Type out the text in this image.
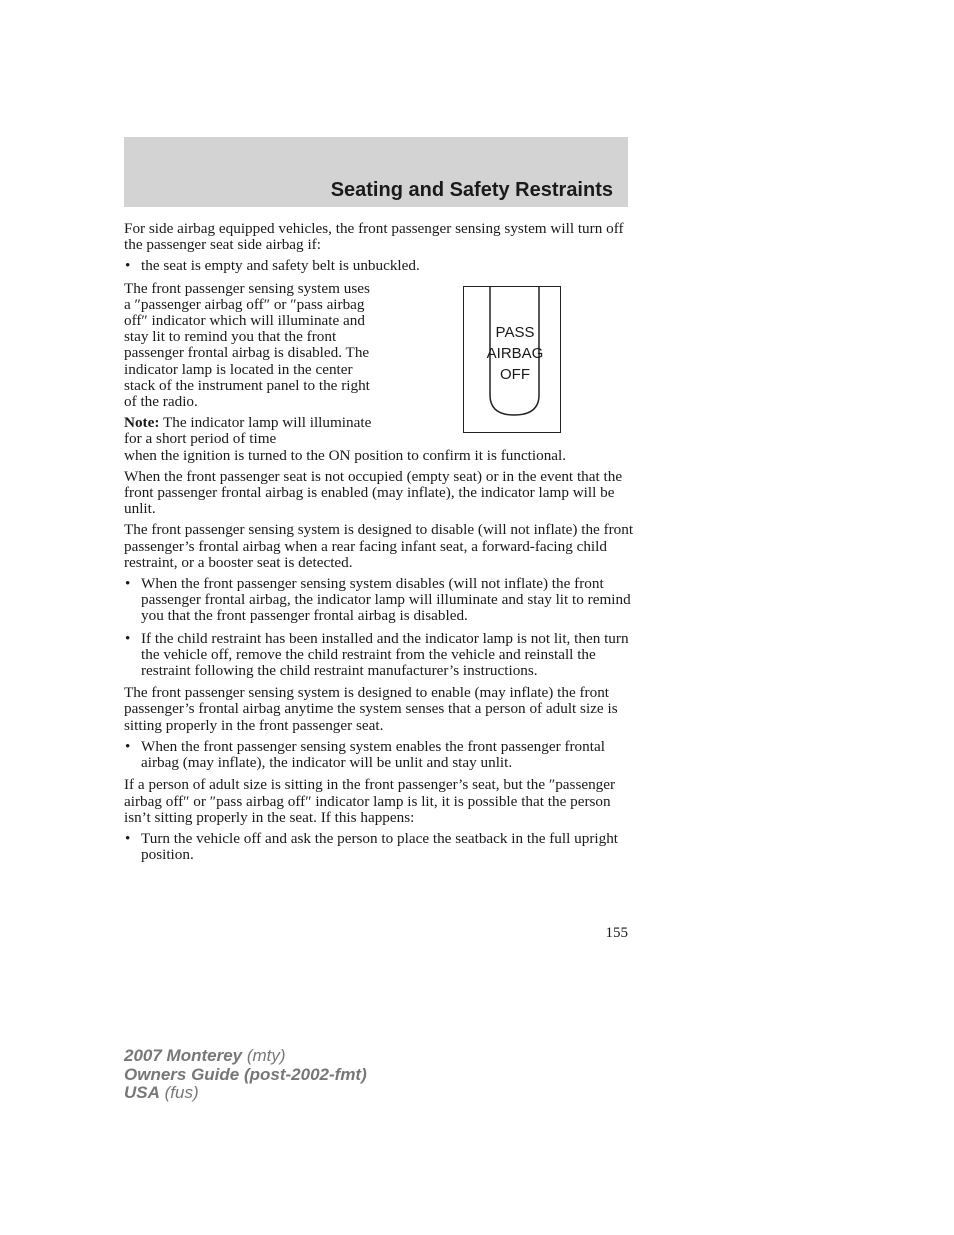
Seating and Safety Restraints

For side airbag equipped vehicles, the front passenger sensing system will turn off the passenger seat side airbag if:

• the seat is empty and safety belt is unbuckled.

The front passenger sensing system uses a ″passenger airbag off″ or ″pass airbag off″ indicator which will illuminate and stay lit to remind you that the front passenger frontal airbag is disabled. The indicator lamp is located in the center stack of the instrument panel to the right of the radio.

Note: The indicator lamp will illuminate for a short period of time

when the ignition is turned to the ON position to confirm it is functional.

When the front passenger seat is not occupied (empty seat) or in the event that the front passenger frontal airbag is enabled (may inflate), the indicator lamp will be unlit.

The front passenger sensing system is designed to disable (will not inflate) the front passenger’s frontal airbag when a rear facing infant seat, a forward-facing child restraint, or a booster seat is detected.

• When the front passenger sensing system disables (will not inflate) the front passenger frontal airbag, the indicator lamp will illuminate and stay lit to remind you that the front passenger frontal airbag is disabled.
• If the child restraint has been installed and the indicator lamp is not lit, then turn the vehicle off, remove the child restraint from the vehicle and reinstall the restraint following the child restraint manufacturer’s instructions.

The front passenger sensing system is designed to enable (may inflate) the front passenger’s frontal airbag anytime the system senses that a person of adult size is sitting properly in the front passenger seat.

• When the front passenger sensing system enables the front passenger frontal airbag (may inflate), the indicator will be unlit and stay unlit.

If a person of adult size is sitting in the front passenger’s seat, but the ″passenger airbag off″ or ″pass airbag off″ indicator lamp is lit, it is possible that the person isn’t sitting properly in the seat. If this happens:

• Turn the vehicle off and ask the person to place the seatback in the full upright position.
PASS
AIRBAG
OFF
155
2007 Monterey (mty)
Owners Guide (post-2002-fmt)
USA (fus)
